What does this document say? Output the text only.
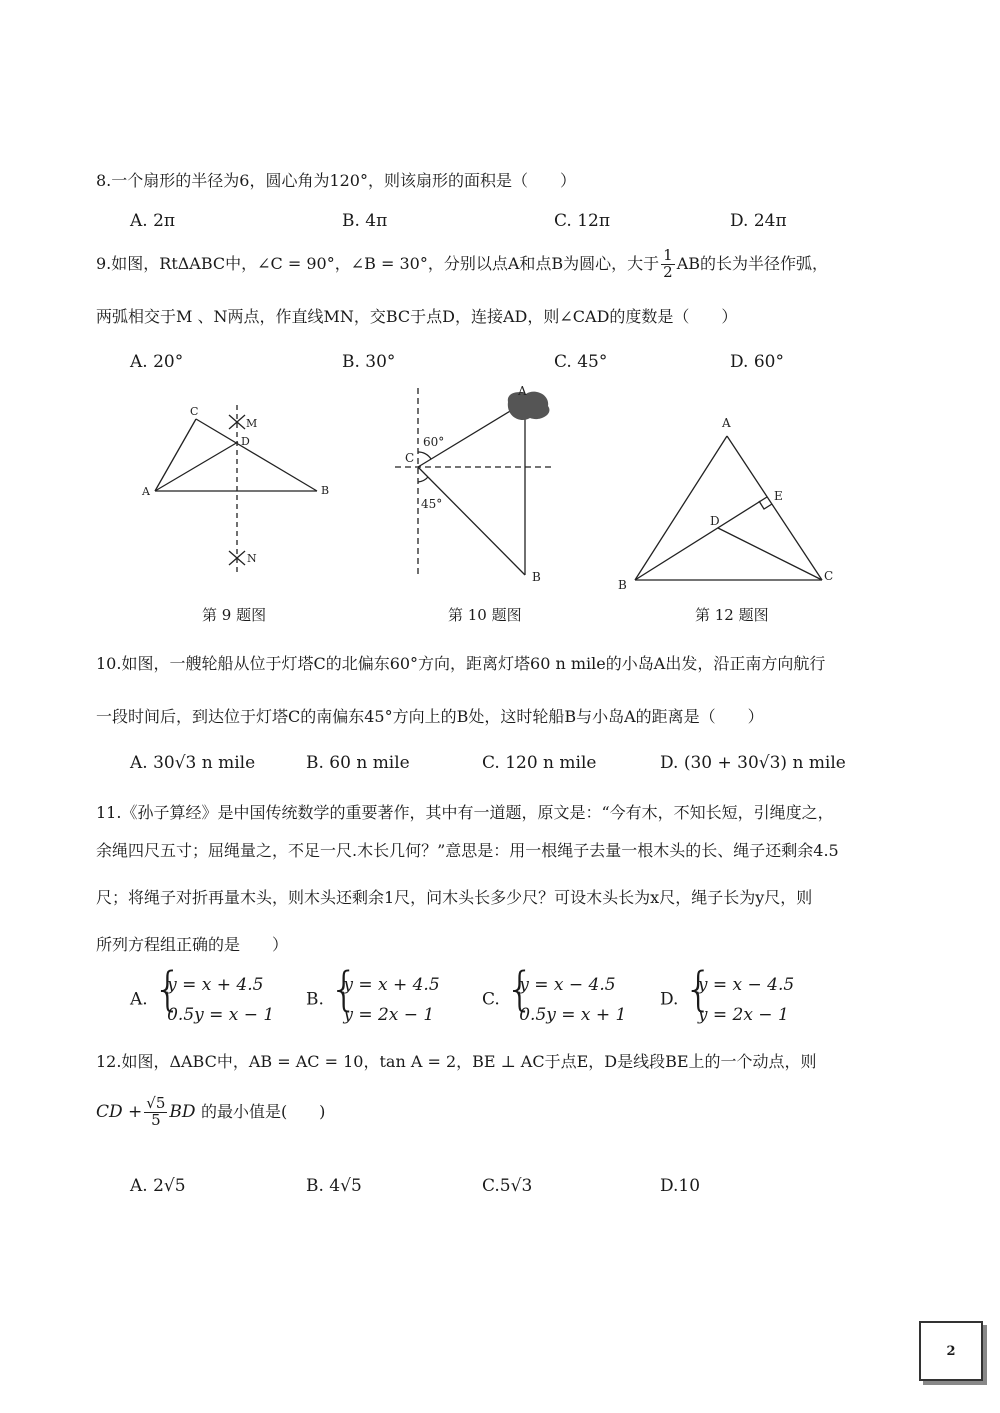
8.一个扇形的半径为6，圆心角为120°，则该扇形的面积是（　　）
A. 2π	B. 4π	C. 12π	D. 24π
9.如图，RtΔABC中，∠C = 90°，∠B = 30°，分别以点A和点B为圆心，大于 $\frac{1}{2}$ AB的长为半径作弧，
两弧相交于M 、N两点，作直线MN，交BC于点D，连接AD，则∠CAD的度数是（　　）
A. 20°	B. 30°	C. 45°	D. 60°
C
M
D
A	B
N
第 9 题图
A
60°
C
45°
B
第 10 题图
A
E
D
B
C
第 12 题图
10.如图，一艘轮船从位于灯塔C的北偏东60°方向，距离灯塔60 n mile的小岛A出发，沿正南方向航行
一段时间后，到达位于灯塔C的南偏东45°方向上的B处，这时轮船B与小岛A的距离是（　　）
A. 30√3 n mile	B. 60 n mile	C. 120 n mile	D. (30 + 30√3) n mile
11.《孙子算经》是中国传统数学的重要著作，其中有一道题，原文是：“今有木，不知长短，引绳度之，
余绳四尺五寸；屈绳量之，不足一尺.木长几何？”意思是：用一根绳子去量一根木头的长、绳子还剩余4.5
尺；将绳子对折再量木头，则木头还剩余1尺，问木头长多少尺？可设木头长为x尺，绳子长为y尺，则
所列方程组正确的是　　）
A. {
y = x + 4.5
0.5y = x − 1
B. {
y = x + 4.5
y = 2x − 1
C. {
y = x − 4.5
0.5y = x + 1
D. {
y = x − 4.5
y = 2x − 1
12.如图，ΔABC中，AB = AC = 10，tan A = 2，BE ⊥ AC于点E，D是线段BE上的一个动点，则
CD + $\frac{√5}{5}$ BD 的最小值是(　　)
A. 2√5	B. 4√5	C.5√3	D.10
2
